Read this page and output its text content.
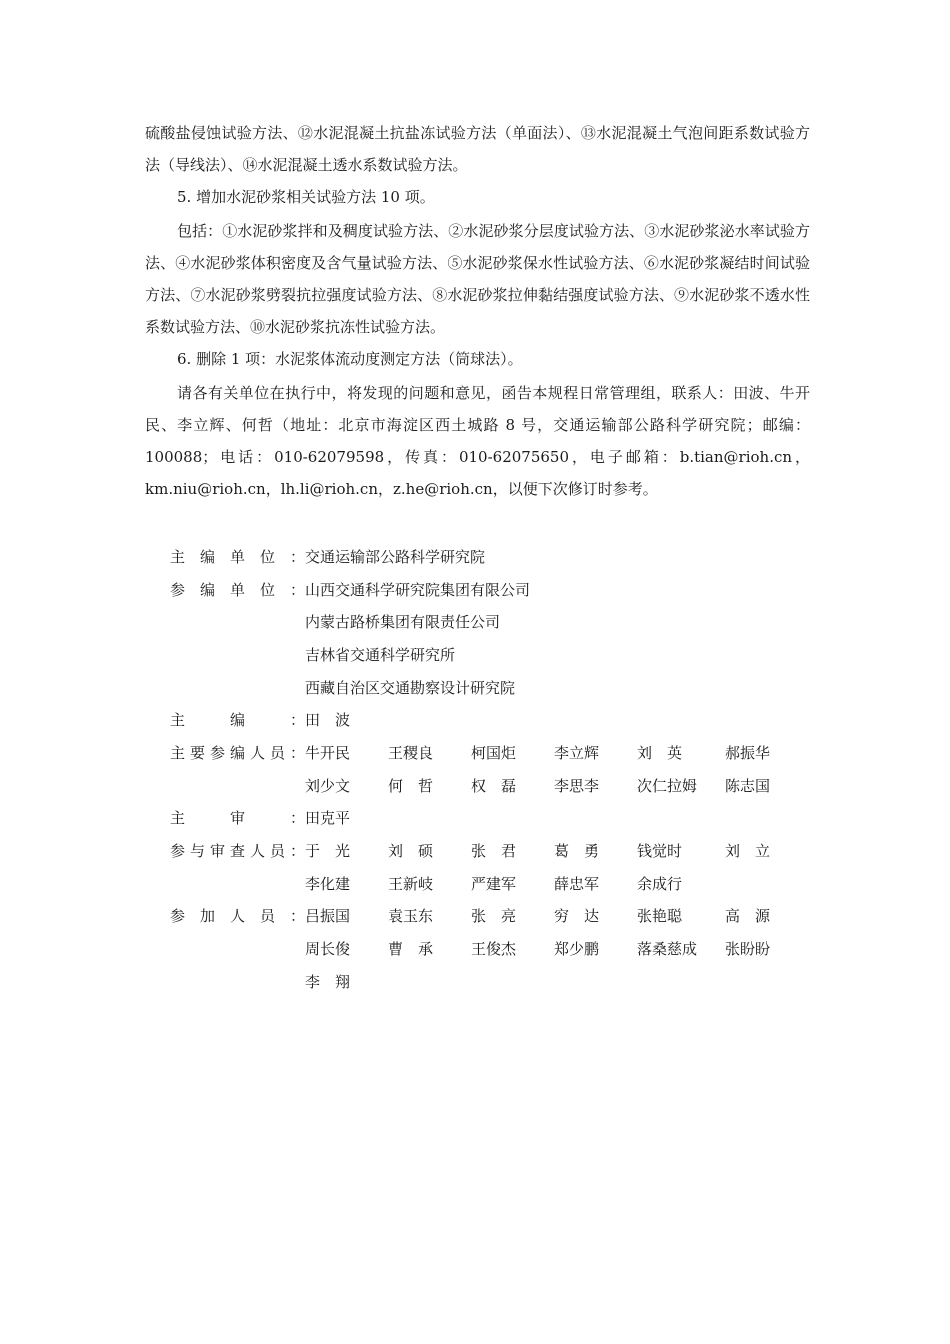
硫酸盐侵蚀试验方法、⑫水泥混凝土抗盐冻试验方法（单面法）、⑬水泥混凝土气泡间距系数试验方法（导线法）、⑭水泥混凝土透水系数试验方法。

5. 增加水泥砂浆相关试验方法 10 项。

包括：①水泥砂浆拌和及稠度试验方法、②水泥砂浆分层度试验方法、③水泥砂浆泌水率试验方法、④水泥砂浆体积密度及含气量试验方法、⑤水泥砂浆保水性试验方法、⑥水泥砂浆凝结时间试验方法、⑦水泥砂浆劈裂抗拉强度试验方法、⑧水泥砂浆拉伸黏结强度试验方法、⑨水泥砂浆不透水性系数试验方法、⑩水泥砂浆抗冻性试验方法。

6. 删除 1 项：水泥浆体流动度测定方法（筒球法）。

请各有关单位在执行中，将发现的问题和意见，函告本规程日常管理组，联系人：田波、牛开民、李立辉、何哲（地址：北京市海淀区西土城路 8 号，交通运输部公路科学研究院；邮编：100088；电话：010-62079598，传真：010-62075650，电子邮箱：b.tian@rioh.cn，km.niu@rioh.cn，lh.li@rioh.cn，z.he@rioh.cn，以便下次修订时参考。

主编单位： 交通运输部公路科学研究院
参编单位： 山西交通科学研究院集团有限公司
内蒙古路桥集团有限责任公司
吉林省交通科学研究所
西藏自治区交通勘察设计研究院
主编： 田　波
主要参编人员： 牛开民	王稷良	柯国炬	李立辉	刘　英	郝振华
刘少文	何　哲	权　磊	李思李	次仁拉姆	陈志国
主审： 田克平
参与审查人员： 于　光	刘　硕	张　君	葛　勇	钱觉时	刘　立
李化建	王新岐	严建军	薛忠军	余成行
参加人员： 吕振国	袁玉东	张　亮	穷　达	张艳聪	高　源
周长俊	曹　承	王俊杰	郑少鹏	落桑慈成	张盼盼
李　翔
